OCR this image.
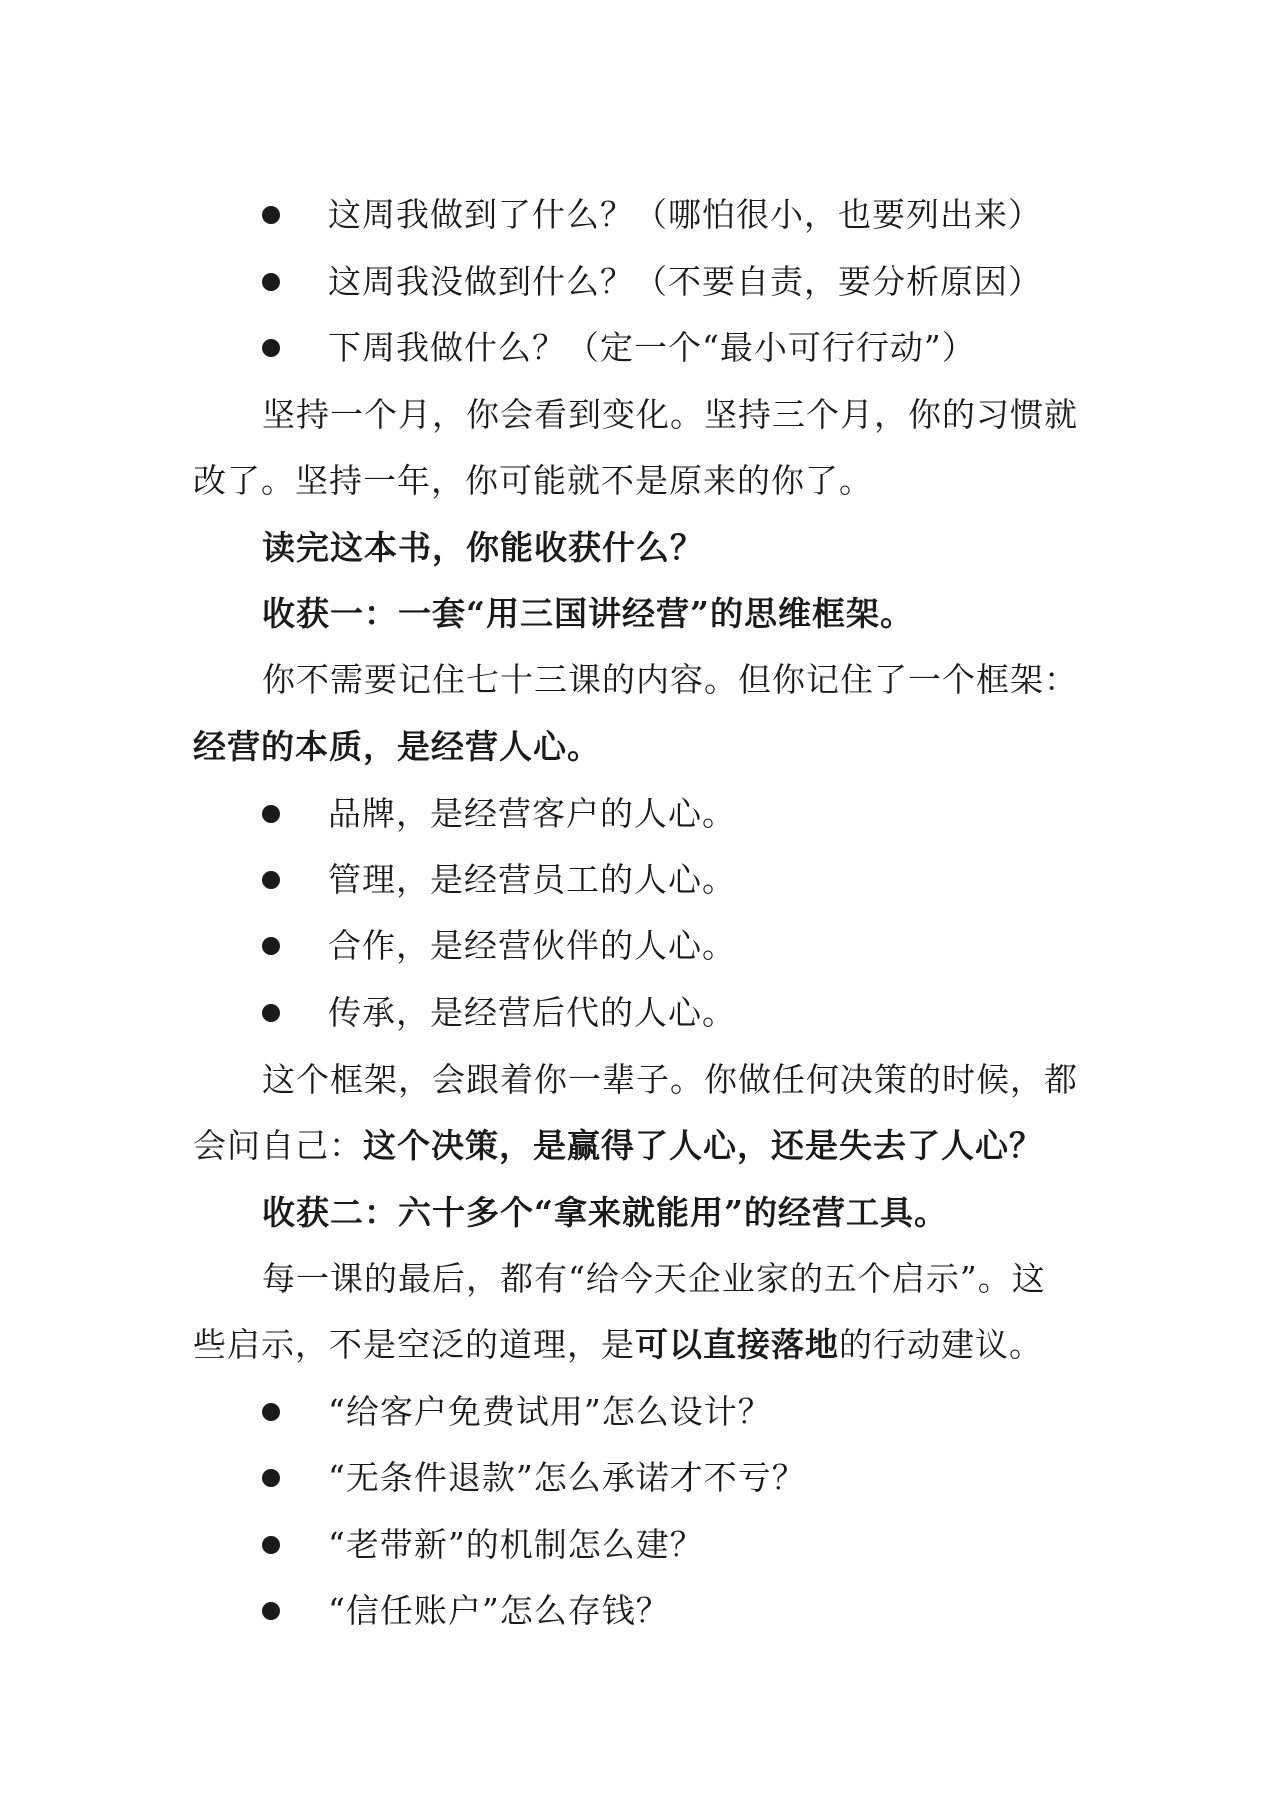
这周我做到了什么？（哪怕很小，也要列出来）
这周我没做到什么？（不要自责，要分析原因）
下周我做什么？（定一个“最小可行行动”）
坚持一个月，你会看到变化。坚持三个月，你的习惯就
改了。坚持一年，你可能就不是原来的你了。
读完这本书，你能收获什么？
收获一：一套“用三国讲经营”的思维框架。
你不需要记住七十三课的内容。但你记住了一个框架：
经营的本质，是经营人心。
品牌，是经营客户的人心。
管理，是经营员工的人心。
合作，是经营伙伴的人心。
传承，是经营后代的人心。
这个框架，会跟着你一辈子。你做任何决策的时候，都
会问自己：这个决策，是赢得了人心，还是失去了人心？
收获二：六十多个“拿来就能用”的经营工具。
每一课的最后，都有“给今天企业家的五个启示”。这
些启示，不是空泛的道理，是可以直接落地的行动建议。
“给客户免费试用”怎么设计？
“无条件退款”怎么承诺才不亏？
“老带新”的机制怎么建？
“信任账户”怎么存钱？
